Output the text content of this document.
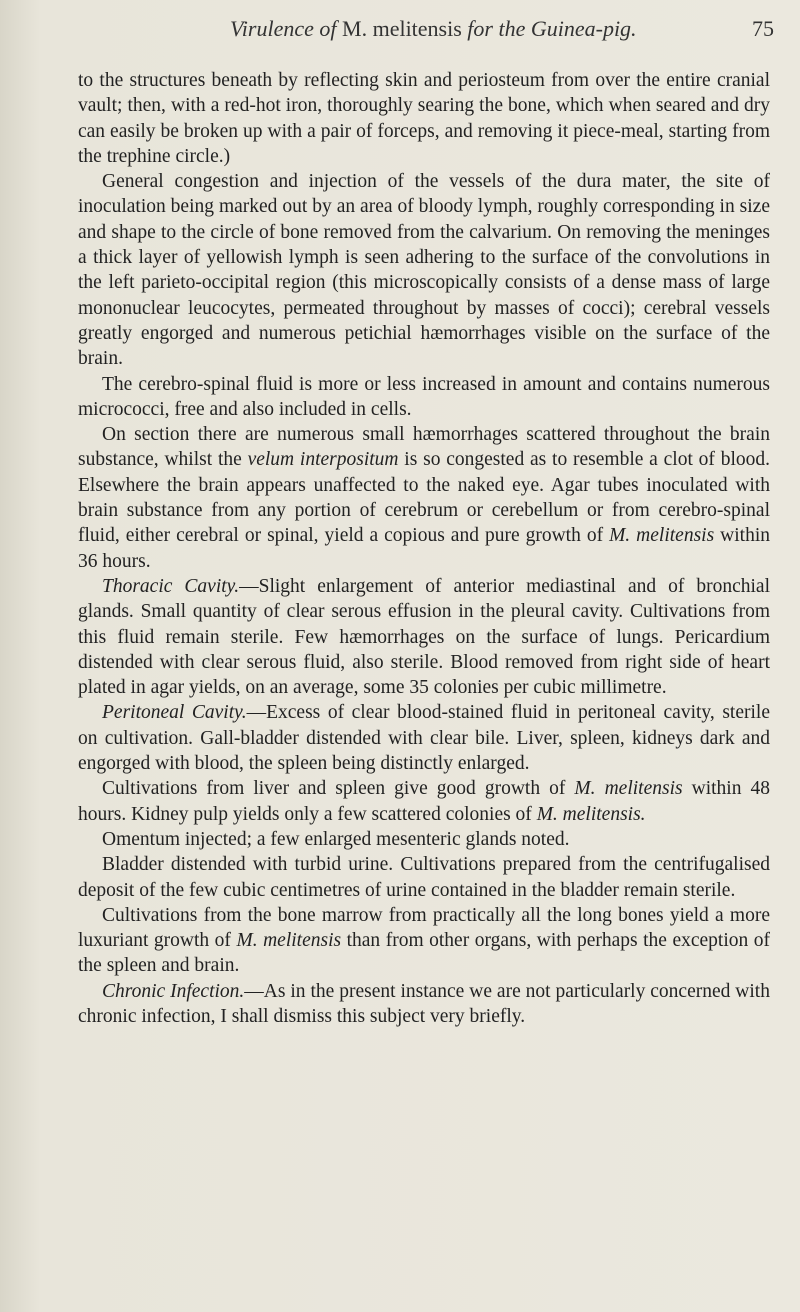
Virulence of M. melitensis for the Guinea-pig.	75

to the structures beneath by reflecting skin and periosteum from over the entire cranial vault; then, with a red-hot iron, thoroughly searing the bone, which when seared and dry can easily be broken up with a pair of forceps, and removing it piece-meal, starting from the trephine circle.)

General congestion and injection of the vessels of the dura mater, the site of inoculation being marked out by an area of bloody lymph, roughly corresponding in size and shape to the circle of bone removed from the calvarium. On removing the meninges a thick layer of yellowish lymph is seen adhering to the surface of the convolutions in the left parieto-occipital region (this microscopically consists of a dense mass of large mononuclear leucocytes, permeated throughout by masses of cocci); cerebral vessels greatly engorged and numerous petichial hæmorrhages visible on the surface of the brain.

The cerebro-spinal fluid is more or less increased in amount and contains numerous micrococci, free and also included in cells.

On section there are numerous small hæmorrhages scattered throughout the brain substance, whilst the velum interpositum is so congested as to resemble a clot of blood. Elsewhere the brain appears unaffected to the naked eye. Agar tubes inoculated with brain substance from any portion of cerebrum or cerebellum or from cerebro-spinal fluid, either cerebral or spinal, yield a copious and pure growth of M. melitensis within 36 hours.

Thoracic Cavity.—Slight enlargement of anterior mediastinal and of bronchial glands. Small quantity of clear serous effusion in the pleural cavity. Cultivations from this fluid remain sterile. Few hæmorrhages on the surface of lungs. Pericardium distended with clear serous fluid, also sterile. Blood removed from right side of heart plated in agar yields, on an average, some 35 colonies per cubic millimetre.

Peritoneal Cavity.—Excess of clear blood-stained fluid in peritoneal cavity, sterile on cultivation. Gall-bladder distended with clear bile. Liver, spleen, kidneys dark and engorged with blood, the spleen being distinctly enlarged.

Cultivations from liver and spleen give good growth of M. melitensis within 48 hours. Kidney pulp yields only a few scattered colonies of M. melitensis.

Omentum injected; a few enlarged mesenteric glands noted.

Bladder distended with turbid urine. Cultivations prepared from the centrifugalised deposit of the few cubic centimetres of urine contained in the bladder remain sterile.

Cultivations from the bone marrow from practically all the long bones yield a more luxuriant growth of M. melitensis than from other organs, with perhaps the exception of the spleen and brain.

Chronic Infection.—As in the present instance we are not particularly concerned with chronic infection, I shall dismiss this subject very briefly.
